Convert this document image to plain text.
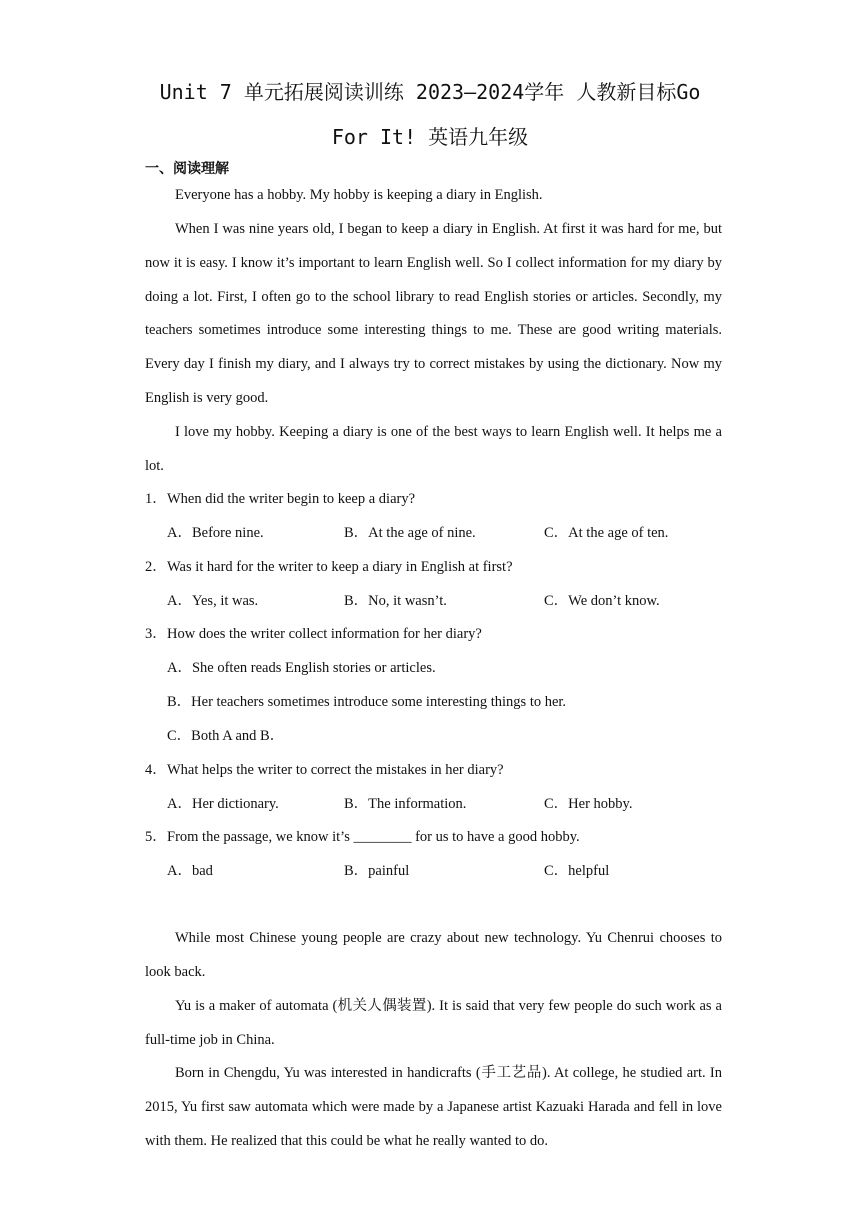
Unit 7 单元拓展阅读训练 2023—2024学年 人教新目标Go
For It! 英语九年级
一、阅读理解

Everyone has a hobby. My hobby is keeping a diary in English.

When I was nine years old, I began to keep a diary in English. At first it was hard for me, but now it is easy. I know it’s important to learn English well. So I collect information for my diary by doing a lot. First, I often go to the school library to read English stories or articles. Secondly, my teachers sometimes introduce some interesting things to me. These are good writing materials. Every day I finish my diary, and I always try to correct mistakes by using the dictionary. Now my English is very good.

I love my hobby. Keeping a diary is one of the best ways to learn English well. It helps me a lot.

1．When did the writer begin to keep a diary?
A．Before nine.	B．At the age of nine.	C．At the age of ten.
2．Was it hard for the writer to keep a diary in English at first?
A．Yes, it was.	B．No, it wasn’t.	C．We don’t know.
3．How does the writer collect information for her diary?
A．She often reads English stories or articles.
B．Her teachers sometimes introduce some interesting things to her.
C．Both A and B．
4．What helps the writer to correct the mistakes in her diary?
A．Her dictionary.	B．The information.	C．Her hobby.
5．From the passage, we know it’s ________ for us to have a good hobby.
A．bad	B．painful	C．helpful

While most Chinese young people are crazy about new technology. Yu Chenrui chooses to look back.

Yu is a maker of automata (机关人偶装置). It is said that very few people do such work as a full-time job in China.

Born in Chengdu, Yu was interested in handicrafts (手工艺品). At college, he studied art. In 2015, Yu first saw automata which were made by a Japanese artist Kazuaki Harada and fell in love with them. He realized that this could be what he really wanted to do.
